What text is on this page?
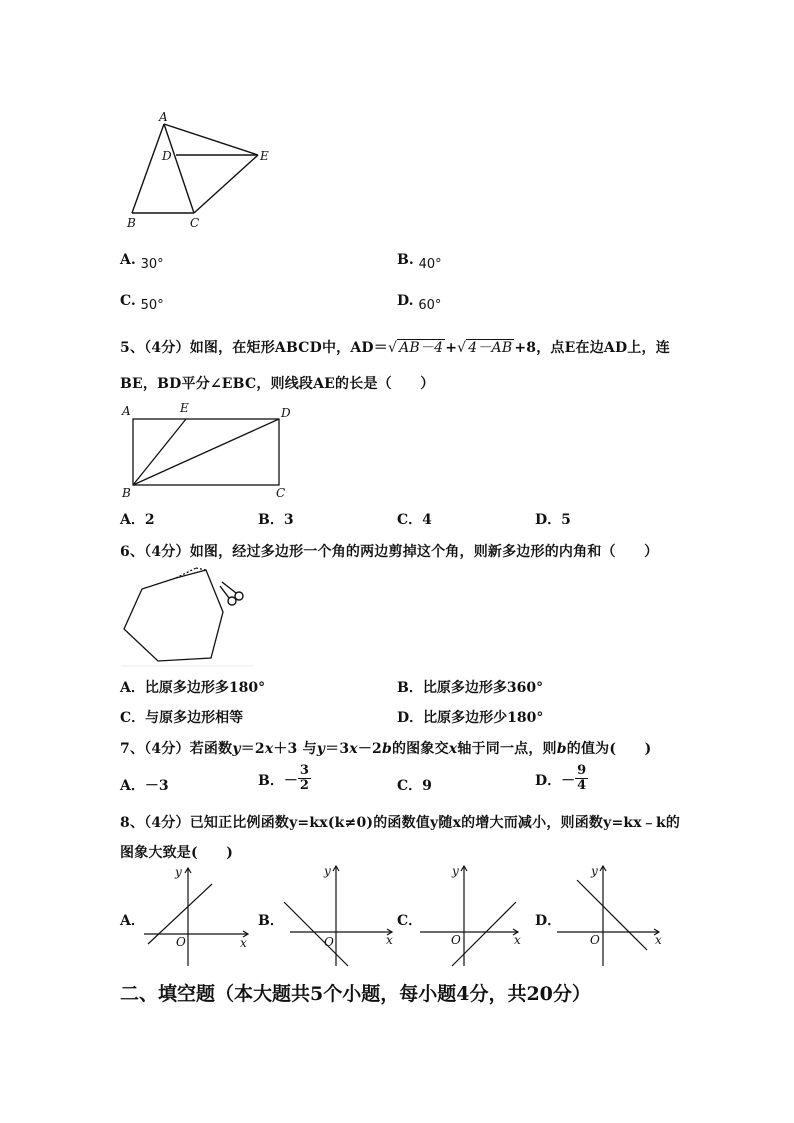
A
D	E
B	C
A. 30°	B. 40°
C. 50°	D. 60°
5、（4分）如图，在矩形ABCD中，AD＝√ AB－4 +√ 4－AB +8，点E在边AD上，连
BE，BD平分∠EBC，则线段AE的长是（　　）
A	E	D
B	C
A．2	B．3	C．4	D．5
6、（4分）如图，经过多边形一个角的两边剪掉这个角，则新多边形的内角和（　　）
A．比原多边形多180°	B．比原多边形多360°
C．与原多边形相等	D．比原多边形少180°
7、（4分）若函数y＝2x＋3 与y＝3x－2b的图象交x轴于同一点，则b的值为(　　)
A．－3	B．－ $\frac{3}{2}$	C．9	D．－ $\frac{9}{4}$
8、（4分）已知正比例函数y=kx(k≠0)的函数值y随x的增大而减小，则函数y=kx﹣k的
图象大致是(　　)
A．
y
x
O
B．
y
x
O
C．
y
x
O
D．
y
x
O
二、填空题（本大题共5个小题，每小题4分，共20分）
